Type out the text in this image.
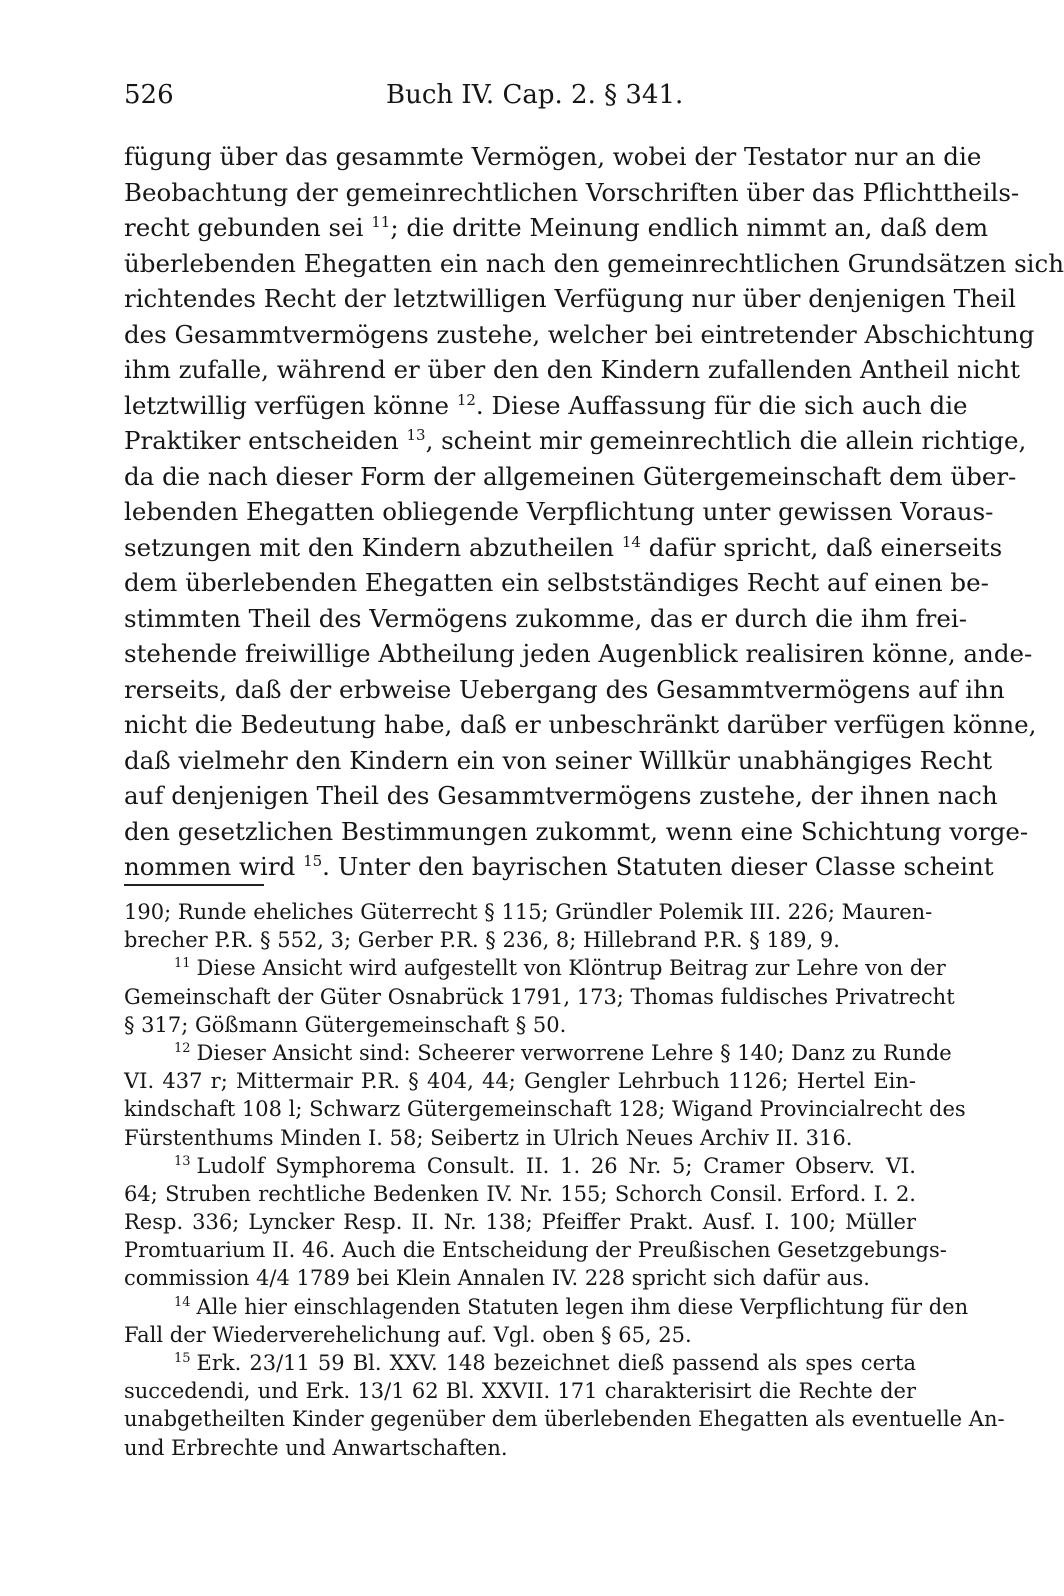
526	Buch IV. Cap. 2. § 341.
fügung über das gesammte Vermögen, wobei der Testator nur an die
Beobachtung der gemeinrechtlichen Vorschriften über das Pflichttheils-
recht gebunden sei $^{11}$; die dritte Meinung endlich nimmt an, daß dem
überlebenden Ehegatten ein nach den gemeinrechtlichen Grundsätzen sich
richtendes Recht der letztwilligen Verfügung nur über denjenigen Theil
des Gesammtvermögens zustehe, welcher bei eintretender Abschichtung
ihm zufalle, während er über den den Kindern zufallenden Antheil nicht
letztwillig verfügen könne $^{12}$. Diese Auffassung für die sich auch die
Praktiker entscheiden $^{13}$, scheint mir gemeinrechtlich die allein richtige,
da die nach dieser Form der allgemeinen Gütergemeinschaft dem über-
lebenden Ehegatten obliegende Verpflichtung unter gewissen Voraus-
setzungen mit den Kindern abzutheilen $^{14}$ dafür spricht, daß einerseits
dem überlebenden Ehegatten ein selbstständiges Recht auf einen be-
stimmten Theil des Vermögens zukomme, das er durch die ihm frei-
stehende freiwillige Abtheilung jeden Augenblick realisiren könne, ande-
rerseits, daß der erbweise Uebergang des Gesammtvermögens auf ihn
nicht die Bedeutung habe, daß er unbeschränkt darüber verfügen könne,
daß vielmehr den Kindern ein von seiner Willkür unabhängiges Recht
auf denjenigen Theil des Gesammtvermögens zustehe, der ihnen nach
den gesetzlichen Bestimmungen zukommt, wenn eine Schichtung vorge-
nommen wird $^{15}$. Unter den bayrischen Statuten dieser Classe scheint
190; Runde eheliches Güterrecht § 115; Gründler Polemik III. 226; Mauren-
brecher P.R. § 552, 3; Gerber P.R. § 236, 8; Hillebrand P.R. § 189, 9.
$^{11}$ Diese Ansicht wird aufgestellt von Klöntrup Beitrag zur Lehre von der
Gemeinschaft der Güter Osnabrück 1791, 173; Thomas fuldisches Privatrecht
§ 317; Gößmann Gütergemeinschaft § 50.
$^{12}$ Dieser Ansicht sind: Scheerer verworrene Lehre § 140; Danz zu Runde
VI. 437 r; Mittermair P.R. § 404, 44; Gengler Lehrbuch 1126; Hertel Ein-
kindschaft 108 l; Schwarz Gütergemeinschaft 128; Wigand Provincialrecht des
Fürstenthums Minden I. 58; Seibertz in Ulrich Neues Archiv II. 316.
$^{13}$ Ludolf Symphorema Consult. II. 1. 26 Nr. 5; Cramer Observ. VI.
64; Struben rechtliche Bedenken IV. Nr. 155; Schorch Consil. Erford. I. 2.
Resp. 336; Lyncker Resp. II. Nr. 138; Pfeiffer Prakt. Ausf. I. 100; Müller
Promtuarium II. 46. Auch die Entscheidung der Preußischen Gesetzgebungs-
commission 4/4 1789 bei Klein Annalen IV. 228 spricht sich dafür aus.
$^{14}$ Alle hier einschlagenden Statuten legen ihm diese Verpflichtung für den
Fall der Wiederverehelichung auf. Vgl. oben § 65, 25.
$^{15}$ Erk. 23/11 59 Bl. XXV. 148 bezeichnet dieß passend als spes certa
succedendi, und Erk. 13/1 62 Bl. XXVII. 171 charakterisirt die Rechte der
unabgetheilten Kinder gegenüber dem überlebenden Ehegatten als eventuelle An-
und Erbrechte und Anwartschaften.
